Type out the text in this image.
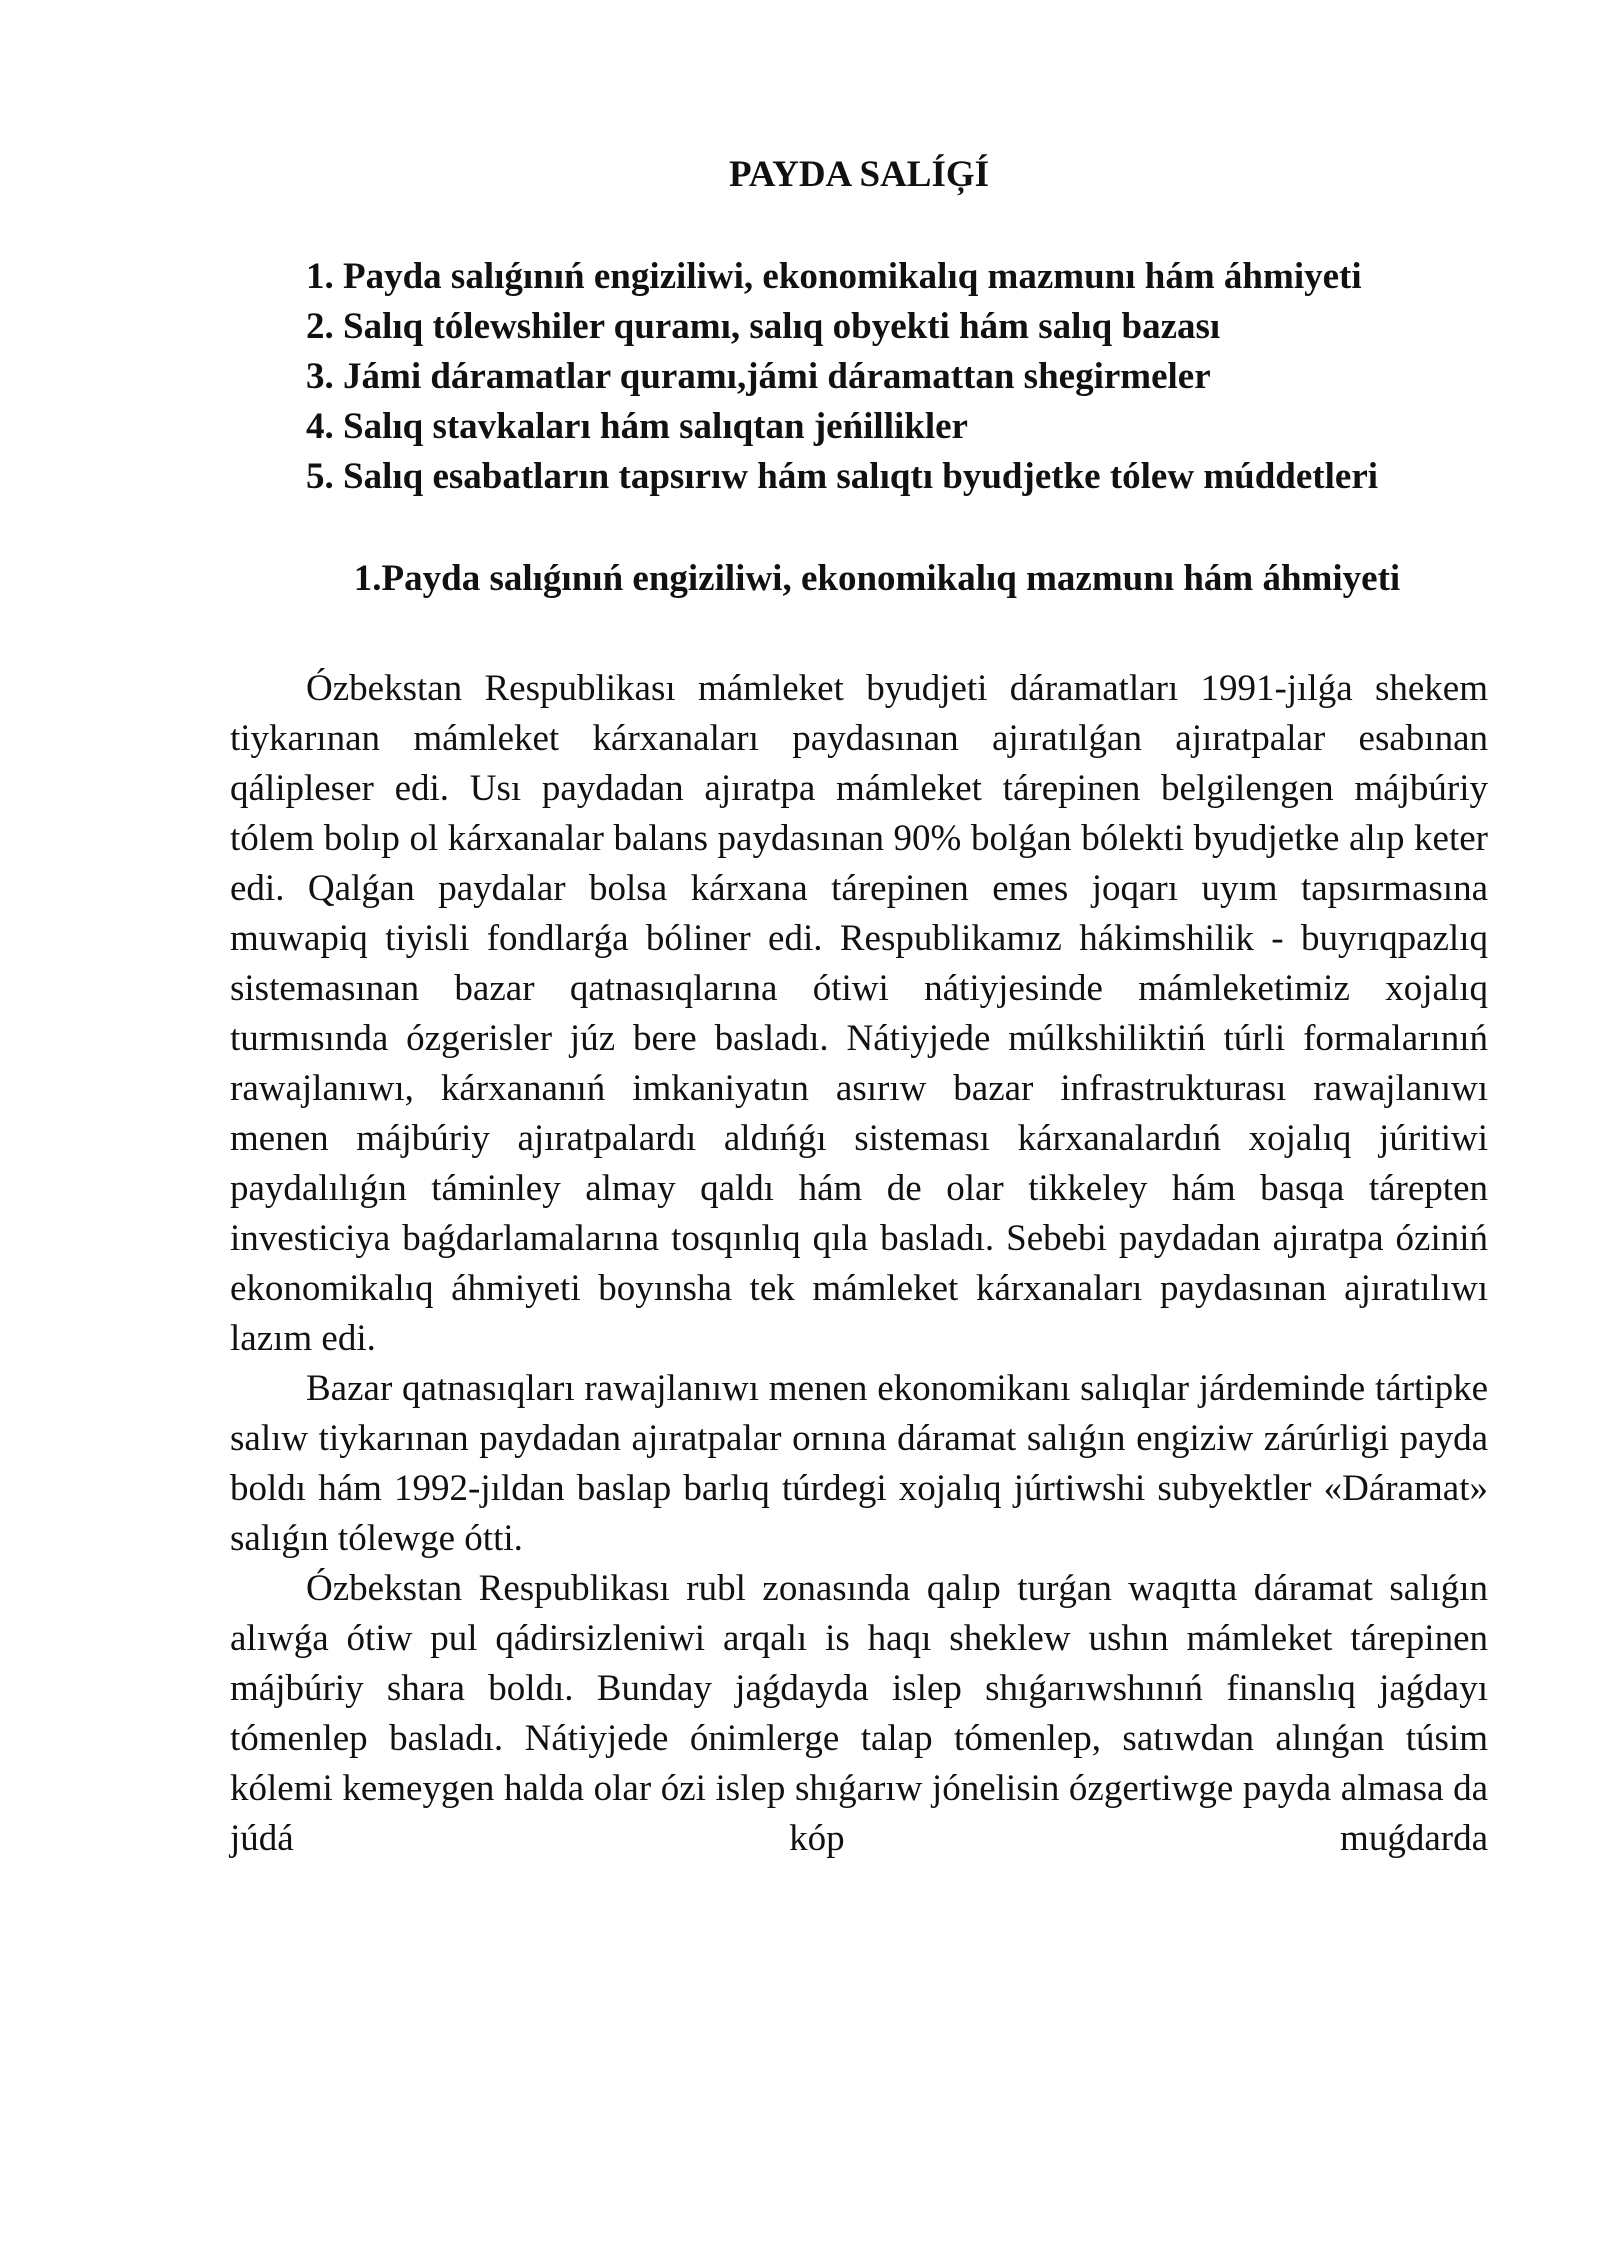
PAYDA SALÍĢÍ
1. Payda salıǵınıń engiziliwi, ekonomikalıq mazmunı hám áhmiyeti
2. Salıq tólewshiler quramı, salıq obyekti hám salıq bazası
3. Jámi dáramatlar quramı,jámi dáramattan shegirmeler
4. Salıq stavkaları hám salıqtan jeńillikler
5. Salıq esabatların tapsırıw hám salıqtı byudjetke tólew múddetleri
1.Payda salıǵınıń engiziliwi, ekonomikalıq mazmunı hám áhmiyeti

Ózbekstan Respublikası mámleket byudjeti dáramatları 1991-jılǵa shekem tiykarınan mámleket kárxanaları paydasınan ajıratılǵan ajıratpalar esabınan qálipleser edi. Usı paydadan ajıratpa mámleket tárepinen belgilengen májbúriy tólem bolıp ol kárxanalar balans paydasınan 90% bolǵan bólekti byudjetke alıp keter edi. Qalǵan paydalar bolsa kárxana tárepinen emes joqarı uyım tapsırmasına muwapiq tiyisli fondlarǵa bóliner edi. Respublikamız hákimshilik - buyrıqpazlıq sistemasınan bazar qatnasıqlarına ótiwi nátiyjesinde mámleketimiz xojalıq turmısında ózgerisler júz bere basladı. Nátiyjede múlkshiliktiń túrli formalarınıń rawajlanıwı, kárxananıń imkaniyatın asırıw bazar infrastrukturası rawajlanıwı menen májbúriy ajıratpalardı aldıńǵı sisteması kárxanalardıń xojalıq júritiwi paydalılıǵın táminley almay qaldı hám de olar tikkeley hám basqa tárepten investiciya baǵdarlamalarına tosqınlıq qıla basladı. Sebebi paydadan ajıratpa óziniń ekonomikalıq áhmiyeti boyınsha tek mámleket kárxanaları paydasınan ajıratılıwı lazım edi.

Bazar qatnasıqları rawajlanıwı menen ekonomikanı salıqlar járdeminde tártipke salıw tiykarınan paydadan ajıratpalar ornına dáramat salıǵın engiziw zárúrligi payda boldı hám 1992-jıldan baslap barlıq túrdegi xojalıq júrtiwshi subyektler «Dáramat» salıǵın tólewge ótti.

Ózbekstan Respublikası rubl zonasında qalıp turǵan waqıtta dáramat salıǵın alıwǵa ótiw pul qádirsizleniwi arqalı is haqı sheklew ushın mámleket tárepinen májbúriy shara boldı. Bunday jaǵdayda islep shıǵarıwshınıń finanslıq jaǵdayı tómenlep basladı. Nátiyjede ónimlerge talap tómenlep, satıwdan alınǵan túsim kólemi kemeygen halda olar ózi islep shıǵarıw jónelisin ózgertiwge payda almasa da júdá kóp muǵdarda
